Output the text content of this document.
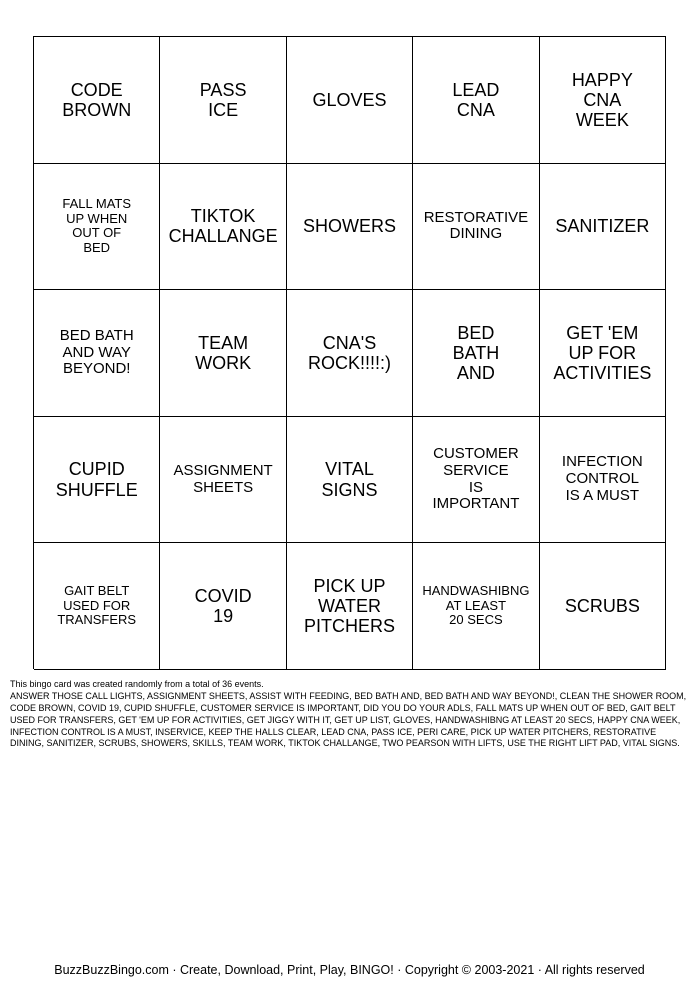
CODE
BROWN
PASS
ICE
GLOVES
LEAD
CNA
HAPPY
CNA
WEEK
FALL MATS
UP WHEN
OUT OF
BED
TIKTOK
CHALLANGE
SHOWERS RESTORATIVE
DINING	SANITIZER
BED BATH
AND WAY
BEYOND!
TEAM
WORK
CNA'S
ROCK!!!!:)
BED
BATH
AND
GET 'EM
UP FOR
ACTIVITIES
CUPID
SHUFFLE
ASSIGNMENT
SHEETS
VITAL
SIGNS
CUSTOMER
SERVICE
IS
IMPORTANT
INFECTION
CONTROL
IS A MUST
GAIT BELT
USED FOR
TRANSFERS
COVID
19
PICK UP
WATER
PITCHERS
HANDWASHIBNG
AT LEAST
20 SECS
SCRUBS

This bingo card was created randomly from a total of 36 events.

ANSWER THOSE CALL LIGHTS, ASSIGNMENT SHEETS, ASSIST WITH FEEDING, BED BATH AND, BED BATH AND WAY BEYOND!, CLEAN THE SHOWER ROOM, CODE BROWN, COVID 19, CUPID SHUFFLE, CUSTOMER SERVICE IS IMPORTANT, DID YOU DO YOUR ADLS, FALL MATS UP WHEN OUT OF BED, GAIT BELT USED FOR TRANSFERS, GET 'EM UP FOR ACTIVITIES, GET JIGGY WITH IT, GET UP LIST, GLOVES, HANDWASHIBNG AT LEAST 20 SECS, HAPPY CNA WEEK, INFECTION CONTROL IS A MUST, INSERVICE, KEEP THE HALLS CLEAR, LEAD CNA, PASS ICE, PERI CARE, PICK UP WATER PITCHERS, RESTORATIVE DINING, SANITIZER, SCRUBS, SHOWERS, SKILLS, TEAM WORK, TIKTOK CHALLANGE, TWO PEARSON WITH LIFTS, USE THE RIGHT LIFT PAD, VITAL SIGNS.

BuzzBuzzBingo.com · Create, Download, Print, Play, BINGO! · Copyright © 2003-2021 · All rights reserved
